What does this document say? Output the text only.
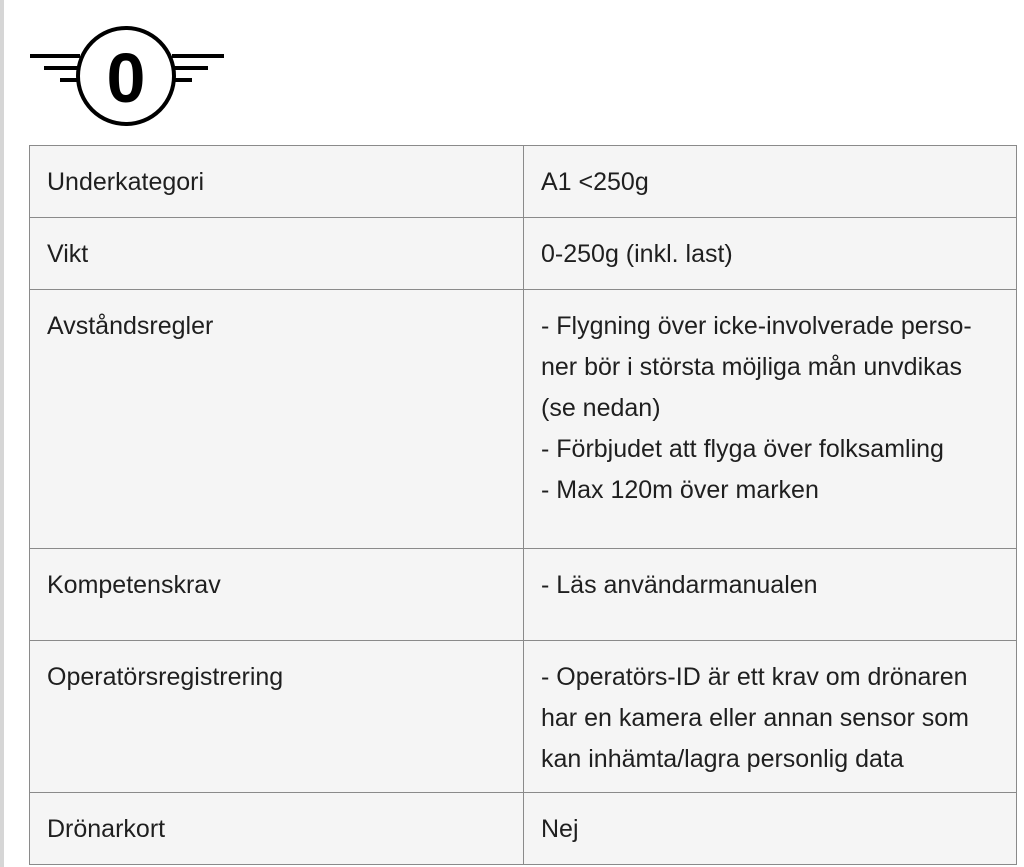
0
Underkategori	A1 <250g

Vikt	0-250g (inkl. last)

Avståndsregler	- Flygning över icke-involverade perso-ner bör i största möjliga mån unvdikas (se nedan)
- Förbjudet att flyga över folksamling
- Max 120m över marken

Kompetenskrav	- Läs användarmanualen

Operatörsregistrering	- Operatörs-ID är ett krav om drönaren har en kamera eller annan sensor som kan inhämta/lagra personlig data

Drönarkort	Nej
